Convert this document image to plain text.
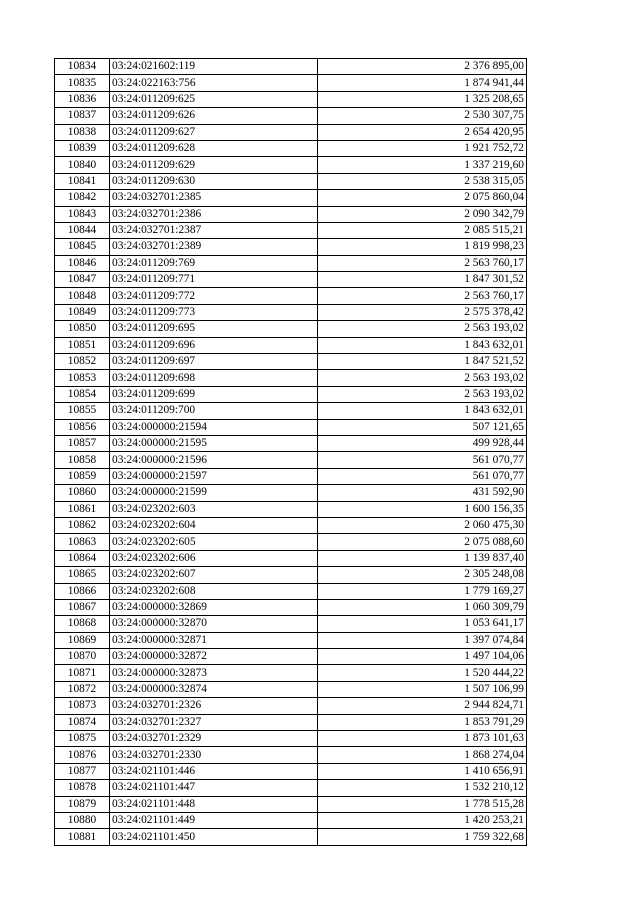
10834	03:24:021602:119	2 376 895,00
10835	03:24:022163:756	1 874 941,44
10836	03:24:011209:625	1 325 208,65
10837	03:24:011209:626	2 530 307,75
10838	03:24:011209:627	2 654 420,95
10839	03:24:011209:628	1 921 752,72
10840	03:24:011209:629	1 337 219,60
10841	03:24:011209:630	2 538 315,05
10842	03:24:032701:2385	2 075 860,04
10843	03:24:032701:2386	2 090 342,79
10844	03:24:032701:2387	2 085 515,21
10845	03:24:032701:2389	1 819 998,23
10846	03:24:011209:769	2 563 760,17
10847	03:24:011209:771	1 847 301,52
10848	03:24:011209:772	2 563 760,17
10849	03:24:011209:773	2 575 378,42
10850	03:24:011209:695	2 563 193,02
10851	03:24:011209:696	1 843 632,01
10852	03:24:011209:697	1 847 521,52
10853	03:24:011209:698	2 563 193,02
10854	03:24:011209:699	2 563 193,02
10855	03:24:011209:700	1 843 632,01
10856	03:24:000000:21594	507 121,65
10857	03:24:000000:21595	499 928,44
10858	03:24:000000:21596	561 070,77
10859	03:24:000000:21597	561 070,77
10860	03:24:000000:21599	431 592,90
10861	03:24:023202:603	1 600 156,35
10862	03:24:023202:604	2 060 475,30
10863	03:24:023202:605	2 075 088,60
10864	03:24:023202:606	1 139 837,40
10865	03:24:023202:607	2 305 248,08
10866	03:24:023202:608	1 779 169,27
10867	03:24:000000:32869	1 060 309,79
10868	03:24:000000:32870	1 053 641,17
10869	03:24:000000:32871	1 397 074,84
10870	03:24:000000:32872	1 497 104,06
10871	03:24:000000:32873	1 520 444,22
10872	03:24:000000:32874	1 507 106,99
10873	03:24:032701:2326	2 944 824,71
10874	03:24:032701:2327	1 853 791,29
10875	03:24:032701:2329	1 873 101,63
10876	03:24:032701:2330	1 868 274,04
10877	03:24:021101:446	1 410 656,91
10878	03:24:021101:447	1 532 210,12
10879	03:24:021101:448	1 778 515,28
10880	03:24:021101:449	1 420 253,21
10881	03:24:021101:450	1 759 322,68
